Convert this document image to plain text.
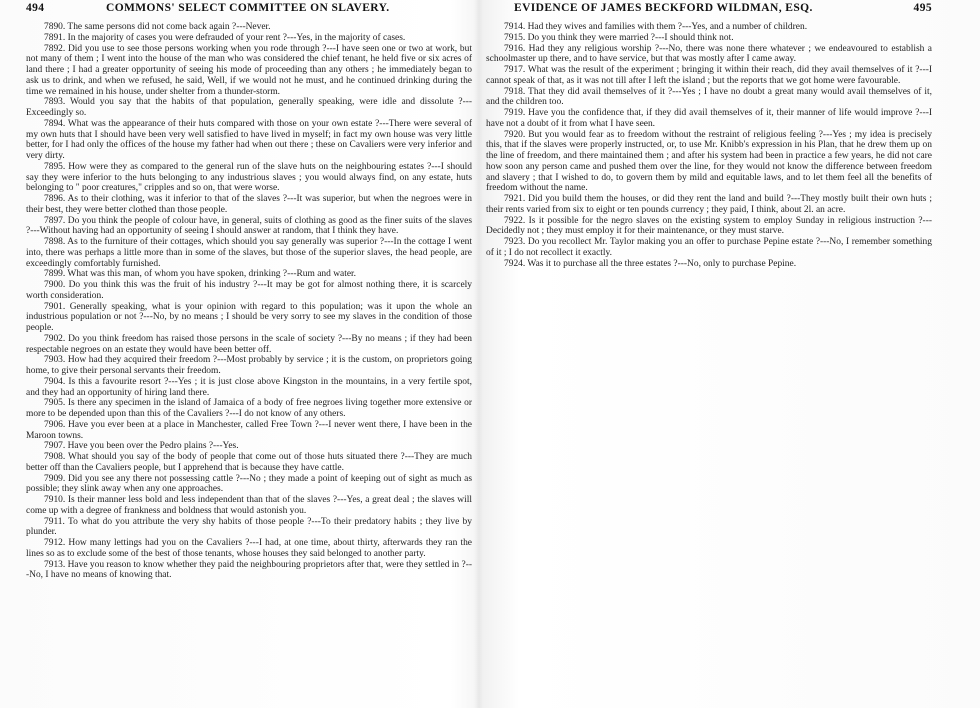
494	COMMONS' SELECT COMMITTEE ON SLAVERY.	EVIDENCE OF JAMES BECKFORD WILDMAN, ESQ.	495

7890. The same persons did not come back again ?---Never.

7891. In the majority of cases you were defrauded of your rent ?---Yes, in the majority of cases.

7892. Did you use to see those persons working when you rode through ?---I have seen one or two at work, but not many of them ; I went into the house of the man who was considered the chief tenant, he held five or six acres of land there ; I had a greater opportunity of seeing his mode of proceeding than any others ; he immediately began to ask us to drink, and when we refused, he said, Well, if we would not he must, and he continued drinking during the time we remained in his house, under shelter from a thunder-storm.

7893. Would you say that the habits of that population, generally speaking, were idle and dissolute ?---Exceedingly so.

7894. What was the appearance of their huts compared with those on your own estate ?---There were several of my own huts that I should have been very well satisfied to have lived in myself; in fact my own house was very little better, for I had only the offices of the house my father had when out there ; these on Cavaliers were very inferior and very dirty.

7895. How were they as compared to the general run of the slave huts on the neighbouring estates ?---I should say they were inferior to the huts belonging to any industrious slaves ; you would always find, on any estate, huts belonging to " poor creatures," cripples and so on, that were worse.

7896. As to their clothing, was it inferior to that of the slaves ?---It was superior, but when the negroes were in their best, they were better clothed than those people.

7897. Do you think the people of colour have, in general, suits of clothing as good as the finer suits of the slaves ?---Without having had an opportunity of seeing I should answer at random, that I think they have.

7898. As to the furniture of their cottages, which should you say generally was superior ?---In the cottage I went into, there was perhaps a little more than in some of the slaves, but those of the superior slaves, the head people, are exceedingly comfortably furnished.

7899. What was this man, of whom you have spoken, drinking ?---Rum and water.

7900. Do you think this was the fruit of his industry ?---It may be got for almost nothing there, it is scarcely worth consideration.

7901. Generally speaking, what is your opinion with regard to this population; was it upon the whole an industrious population or not ?---No, by no means ; I should be very sorry to see my slaves in the condition of those people.

7902. Do you think freedom has raised those persons in the scale of society ?---By no means ; if they had been respectable negroes on an estate they would have been better off.

7903. How had they acquired their freedom ?---Most probably by service ; it is the custom, on proprietors going home, to give their personal servants their freedom.

7904. Is this a favourite resort ?---Yes ; it is just close above Kingston in the mountains, in a very fertile spot, and they had an opportunity of hiring land there.

7905. Is there any specimen in the island of Jamaica of a body of free negroes living together more extensive or more to be depended upon than this of the Cavaliers ?---I do not know of any others.

7906. Have you ever been at a place in Manchester, called Free Town ?---I never went there, I have been in the Maroon towns.

7907. Have you been over the Pedro plains ?---Yes.

7908. What should you say of the body of people that come out of those huts situated there ?---They are much better off than the Cavaliers people, but I apprehend that is because they have cattle.

7909. Did you see any there not possessing cattle ?---No ; they made a point of keeping out of sight as much as possible; they slink away when any one approaches.

7910. Is their manner less bold and less independent than that of the slaves ?---Yes, a great deal ; the slaves will come up with a degree of frankness and boldness that would astonish you.

7911. To what do you attribute the very shy habits of those people ?---To their predatory habits ; they live by plunder.

7912. How many lettings had you on the Cavaliers ?---I had, at one time, about thirty, afterwards they ran the lines so as to exclude some of the best of those tenants, whose houses they said belonged to another party.

7913. Have you reason to know whether they paid the neighbouring proprietors after that, were they settled in ?---No, I have no means of knowing that.

7914. Had they wives and families with them ?---Yes, and a number of children.

7915. Do you think they were married ?---I should think not.

7916. Had they any religious worship ?---No, there was none there whatever ; we endeavoured to establish a schoolmaster up there, and to have service, but that was mostly after I came away.

7917. What was the result of the experiment ; bringing it within their reach, did they avail themselves of it ?---I cannot speak of that, as it was not till after I left the island ; but the reports that we got home were favourable.

7918. That they did avail themselves of it ?---Yes ; I have no doubt a great many would avail themselves of it, and the children too.

7919. Have you the confidence that, if they did avail themselves of it, their manner of life would improve ?---I have not a doubt of it from what I have seen.

7920. But you would fear as to freedom without the restraint of religious feeling ?---Yes ; my idea is precisely this, that if the slaves were properly instructed, or, to use Mr. Knibb's expression in his Plan, that he drew them up on the line of freedom, and there maintained them ; and after his system had been in practice a few years, he did not care how soon any person came and pushed them over the line, for they would not know the difference between freedom and slavery ; that I wished to do, to govern them by mild and equitable laws, and to let them feel all the benefits of freedom without the name.

7921. Did you build them the houses, or did they rent the land and build ?---They mostly built their own huts ; their rents varied from six to eight or ten pounds currency ; they paid, I think, about 2l. an acre.

7922. Is it possible for the negro slaves on the existing system to employ Sunday in religious instruction ?---Decidedly not ; they must employ it for their maintenance, or they must starve.

7923. Do you recollect Mr. Taylor making you an offer to purchase Pepine estate ?---No, I remember something of it ; I do not recollect it exactly.

7924. Was it to purchase all the three estates ?---No, only to purchase Pepine.
